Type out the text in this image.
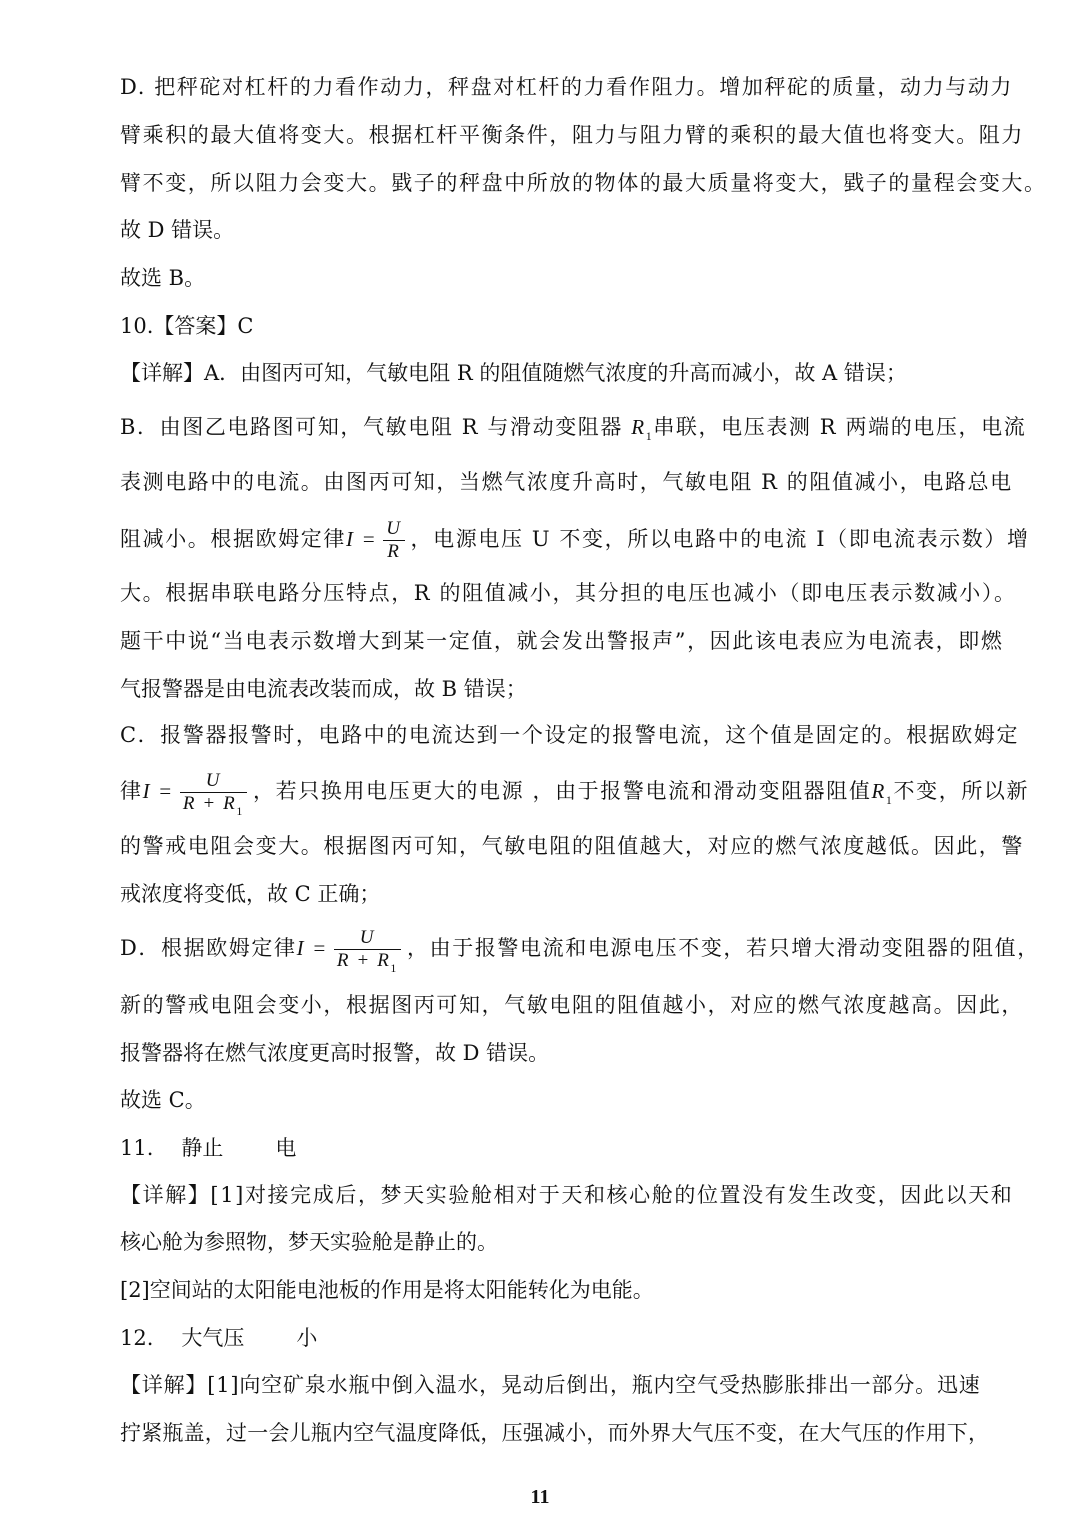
D. 把秤砣对杠杆的力看作动力，秤盘对杠杆的力看作阻力。增加秤砣的质量，动力与动力
臂乘积的最大值将变大。根据杠杆平衡条件，阻力与阻力臂的乘积的最大值也将变大。阻力
臂不变，所以阻力会变大。戥子的秤盘中所放的物体的最大质量将变大，戥子的量程会变大。
故 D 错误。
故选 B。
10.【答案】C
【详解】A．由图丙可知，气敏电阻 R 的阻值随燃气浓度的升高而减小，故 A 错误；
B．由图乙电路图可知，气敏电阻 R 与滑动变阻器 $R_1$串联，电压表测 R 两端的电压，电流
表测电路中的电流。由图丙可知，当燃气浓度升高时，气敏电阻 R 的阻值减小，电路总电
阻减小。根据欧姆定律$I = \frac{U}{R}$ ，电源电压 U 不变，所以电路中的电流 I（即电流表示数）增
大。根据串联电路分压特点，R 的阻值减小，其分担的电压也减小（即电压表示数减小）。
题干中说“当电表示数增大到某一定值，就会发出警报声”，因此该电表应为电流表，即燃
气报警器是由电流表改装而成，故 B 错误；
C．报警器报警时，电路中的电流达到一个设定的报警电流，这个值是固定的。根据欧姆定
律$I = \frac{U}{R + R_1}$ ，若只换用电压更大的电源 ，由于报警电流和滑动变阻器阻值$R_1$不变，所以新
的警戒电阻会变大。根据图丙可知，气敏电阻的阻值越大，对应的燃气浓度越低。因此，警
戒浓度将变低，故 C 正确；
D．根据欧姆定律$I = \frac{U}{R + R_1}$ ，由于报警电流和电源电压不变，若只增大滑动变阻器的阻值，
新的警戒电阻会变小，根据图丙可知，气敏电阻的阻值越小，对应的燃气浓度越高。因此，
报警器将在燃气浓度更高时报警，故 D 错误。
故选 C。
11. 静止 电
【详解】[1]对接完成后，梦天实验舱相对于天和核心舱的位置没有发生改变，因此以天和
核心舱为参照物，梦天实验舱是静止的。
[2]空间站的太阳能电池板的作用是将太阳能转化为电能。
12. 大气压 小
【详解】[1]向空矿泉水瓶中倒入温水，晃动后倒出，瓶内空气受热膨胀排出一部分。迅速
拧紧瓶盖，过一会儿瓶内空气温度降低，压强减小，而外界大气压不变，在大气压的作用下，
11
